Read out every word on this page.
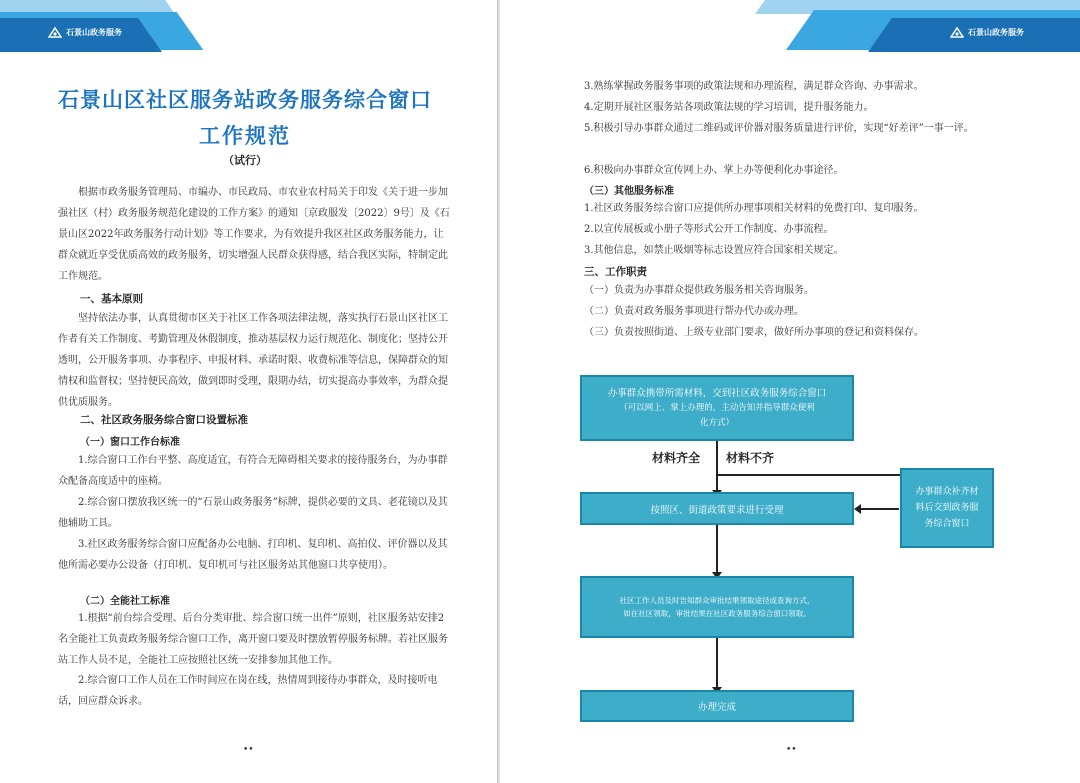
石景山政务服务
石景山区社区服务站政务服务综合窗口
工作规范
（试行）

根据市政务服务管理局、市编办、市民政局、市农业农村局关于印发《关于进一步加强社区（村）政务服务规范化建设的工作方案》的通知〔京政服发〔2022〕9号〕及《石景山区2022年政务服务行动计划》等工作要求，为有效提升我区社区政务服务能力，让群众就近享受优质高效的政务服务，切实增强人民群众获得感，结合我区实际，特制定此工作规范。

一、基本原则

坚持依法办事，认真贯彻市区关于社区工作各项法律法规，落实执行石景山区社区工作者有关工作制度、考勤管理及休假制度，推动基层权力运行规范化、制度化；坚持公开透明，公开服务事项、办事程序、申报材料、承诺时限、收费标准等信息，保障群众的知情权和监督权；坚持便民高效，做到即时受理，限期办结，切实提高办事效率，为群众提供优质服务。

二、社区政务服务综合窗口设置标准

（一）窗口工作台标准

1.综合窗口工作台平整、高度适宜，有符合无障碍相关要求的接待服务台，为办事群众配备高度适中的座椅。

2.综合窗口摆放我区统一的“石景山政务服务”标牌，提供必要的文具、老花镜以及其他辅助工具。

3.社区政务服务综合窗口应配备办公电脑、打印机、复印机、高拍仪、评价器以及其他所需必要办公设备（打印机、复印机可与社区服务站其他窗口共享使用）。

（二）全能社工标准

1.根据“前台综合受理、后台分类审批、综合窗口统一出件”原则，社区服务站安排2名全能社工负责政务服务综合窗口工作，离开窗口要及时摆放暂停服务标牌。若社区服务站工作人员不足，全能社工应按照社区统一安排参加其他工作。

2.综合窗口工作人员在工作时间应在岗在线，热情周到接待办事群众，及时接听电话，回应群众诉求。

••
石景山政务服务

3.熟练掌握政务服务事项的政策法规和办理流程，满足群众咨询、办事需求。

4.定期开展社区服务站各项政策法规的学习培训，提升服务能力。

5.积极引导办事群众通过二维码或评价器对服务质量进行评价，实现“好差评”一事一评。

6.积极向办事群众宣传网上办、掌上办等便利化办事途径。

（三）其他服务标准

1.社区政务服务综合窗口应提供所办理事项相关材料的免费打印、复印服务。

2.以宣传展板或小册子等形式公开工作制度、办事流程。

3.其他信息，如禁止吸烟等标志设置应符合国家相关规定。

三、工作职责

（一）负责为办事群众提供政务服务相关咨询服务。

（二）负责对政务服务事项进行帮办代办或办理。

（三）负责按照街道、上级专业部门要求，做好所办事项的登记和资料保存。

办事群众携带所需材料，交到社区政务服务综合窗口
（可以网上、掌上办理的，主动告知并指导群众便利
化方式）
材料齐全 材料不齐
办事群众补齐材
料后交到政务服
务综合窗口
按照区、街道政策要求进行受理
社区工作人员及时告知群众审批结果领取途径或查询方式，
如在社区领取，审批结果在社区政务服务综合窗口领取。
办理完成
••
